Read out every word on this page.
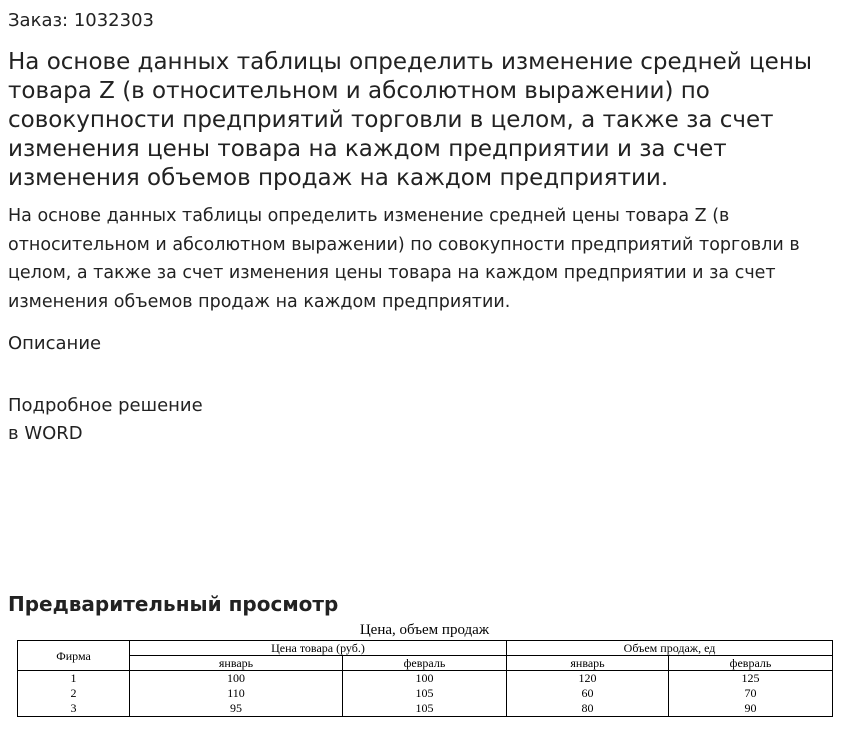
Заказ: 1032303
На основе данных таблицы определить изменение средней цены товара Z (в относительном и абсолютном выражении) по совокупности предприятий торговли в целом, а также за счет изменения цены товара на каждом предприятии и за счет изменения объемов продаж на каждом предприятии.

На основе данных таблицы определить изменение средней цены товара Z (в относительном и абсолютном выражении) по совокупности предприятий торговли в целом, а также за счет изменения цены товара на каждом предприятии и за счет изменения объемов продаж на каждом предприятии.

Описание
Подробное решение
в WORD
Предварительный просмотр
Цена, объем продаж
Фирма	Цена товара (руб.)		Объем продаж, ед	
	январь	февраль	январь	февраль
1	100	100	120	125
2	110	105	60	70
3	95	105	80	90
